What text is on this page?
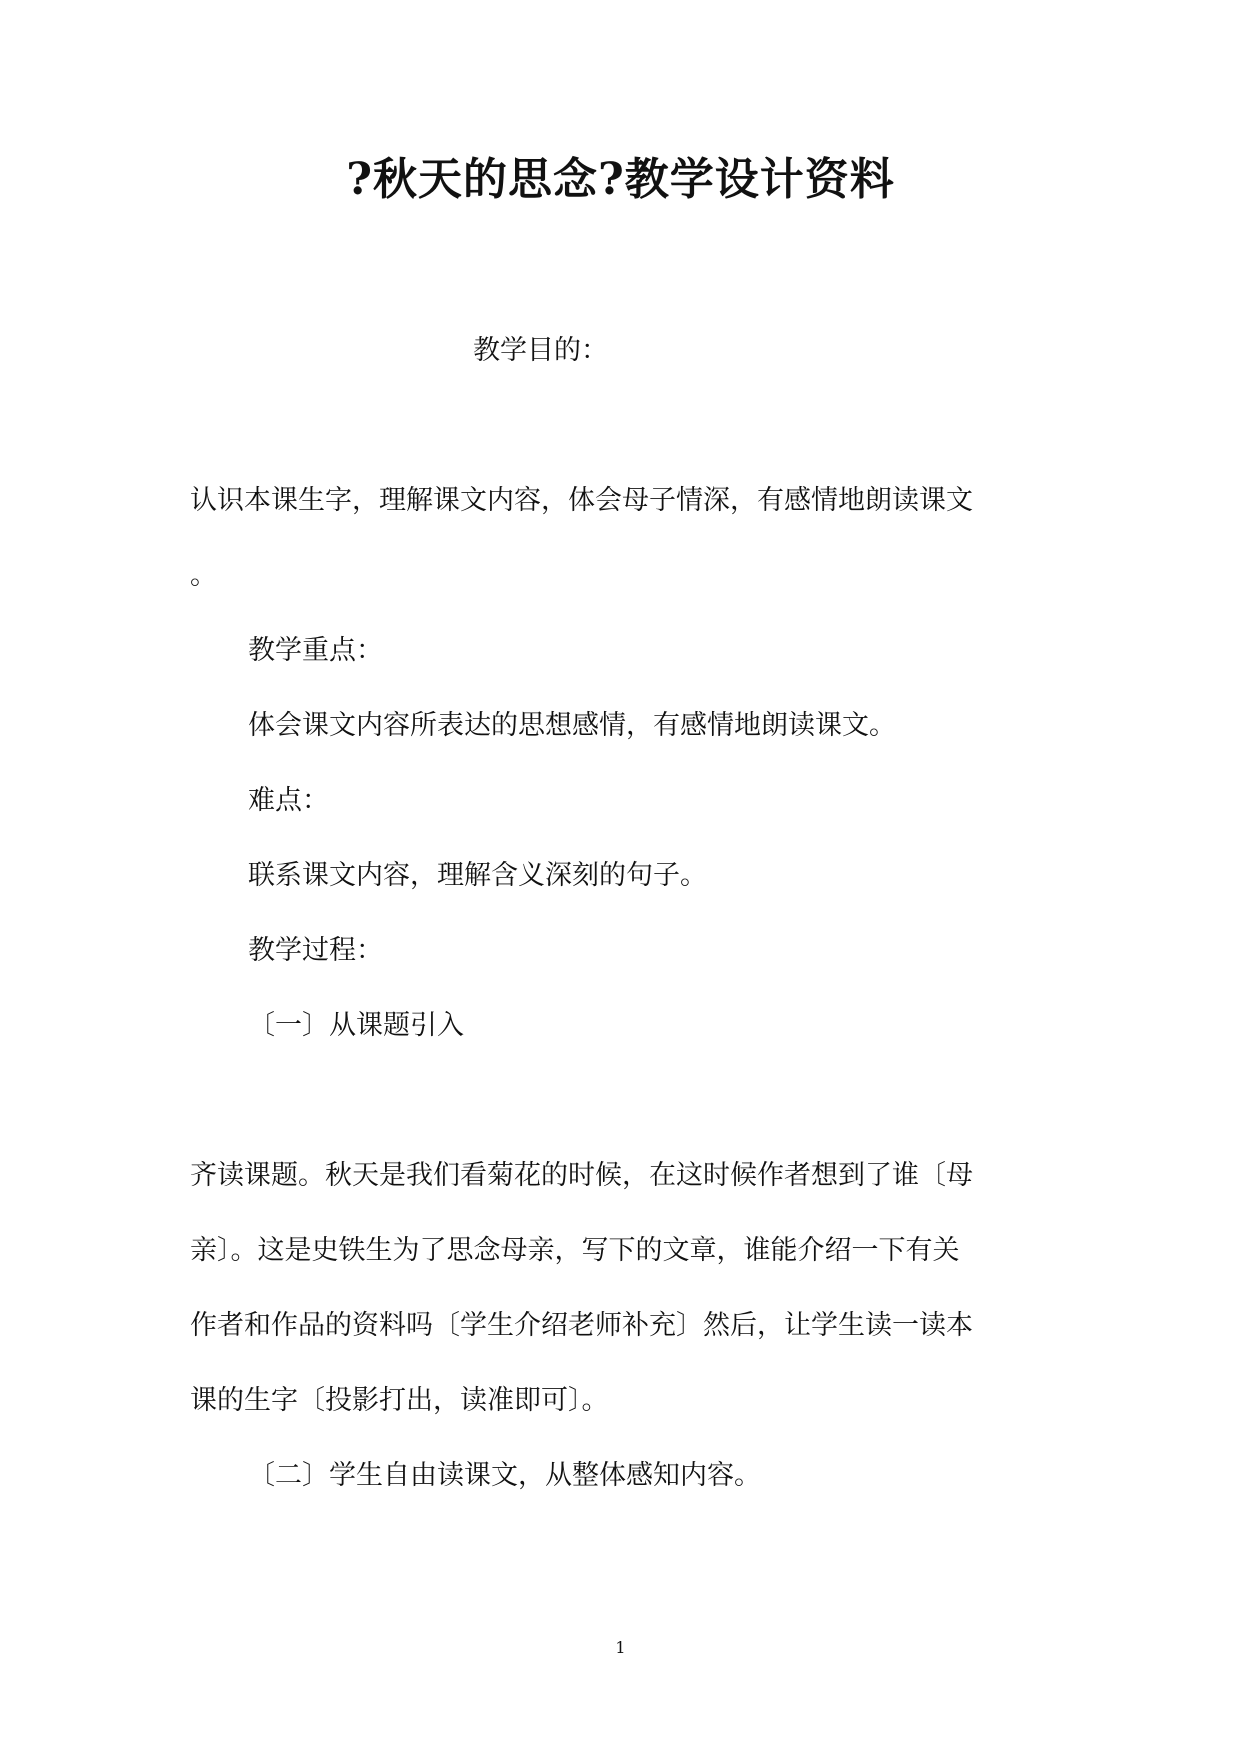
?秋天的思念?教学设计资料
教学目的：
认识本课生字，理解课文内容，体会母子情深，有感情地朗读课文
。
教学重点：
体会课文内容所表达的思想感情，有感情地朗读课文。
难点：
联系课文内容，理解含义深刻的句子。
教学过程：
〔一〕从课题引入
齐读课题。秋天是我们看菊花的时候，在这时候作者想到了谁〔母
亲〕。这是史铁生为了思念母亲，写下的文章，谁能介绍一下有关
作者和作品的资料吗〔学生介绍老师补充〕然后，让学生读一读本
课的生字〔投影打出，读准即可〕。
〔二〕学生自由读课文，从整体感知内容。
1
